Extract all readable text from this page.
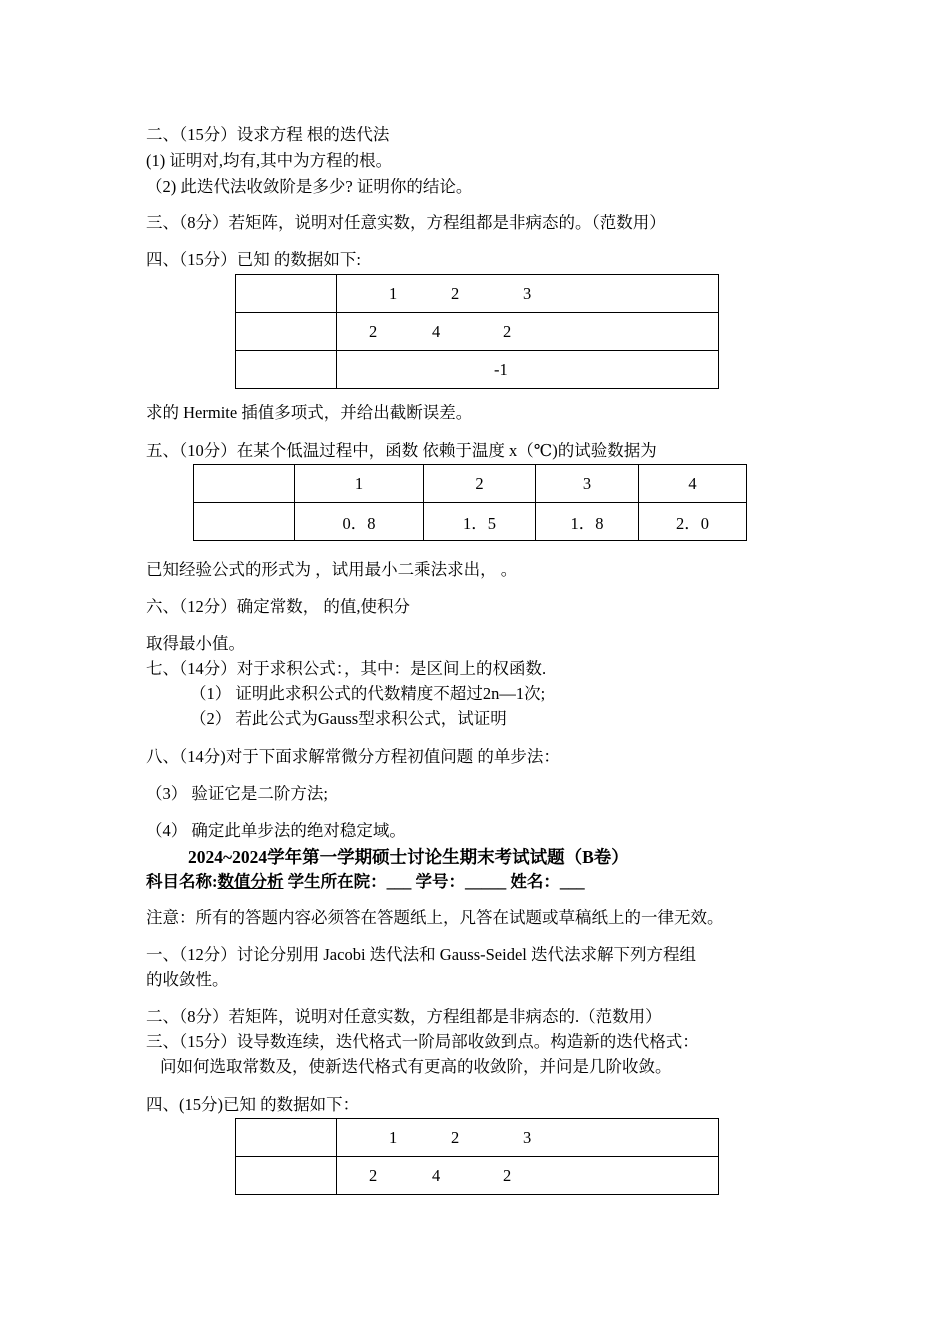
二、（15分）设求方程 根的迭代法
(1) 证明对,均有,其中为方程的根。
（2) 此迭代法收敛阶是多少? 证明你的结论。
三、（8分）若矩阵，说明对任意实数，方程组都是非病态的。（范数用）
四、（15分）已知 的数据如下:

	1 2 3

	2 4 2

	-1
求的 Hermite 插值多项式，并给出截断误差。
五、（10分）在某个低温过程中，函数 依赖于温度 x（℃)的试验数据为
	1	2	3	4
	0．8	1．5	1．8	2．0
已知经验公式的形式为 ，试用最小二乘法求出， 。
六、（12分）确定常数， 的值,使积分
取得最小值。
七、（14分）对于求积公式：，其中：是区间上的权函数.
（1） 证明此求积公式的代数精度不超过2n—1次;
（2） 若此公式为Gauss型求积公式，试证明
八、（14分)对于下面求解常微分方程初值问题 的单步法：
（3） 验证它是二阶方法;
（4） 确定此单步法的绝对稳定域。
2024~2024学年第一学期硕士讨论生期末考试试题（B卷）
科目名称:数值分析 学生所在院：___ 学号：_____ 姓名：___
注意：所有的答题内容必须答在答题纸上，凡答在试题或草稿纸上的一律无效。
一、（12分）讨论分别用 Jacobi 迭代法和 Gauss-Seidel 迭代法求解下列方程组
的收敛性。
二、（8分）若矩阵，说明对任意实数，方程组都是非病态的.（范数用）
三、（15分）设导数连续，迭代格式一阶局部收敛到点。构造新的迭代格式：
问如何选取常数及，使新迭代格式有更高的收敛阶，并问是几阶收敛。
四、(15分)已知 的数据如下：

	1 2 3

	2 4 2
